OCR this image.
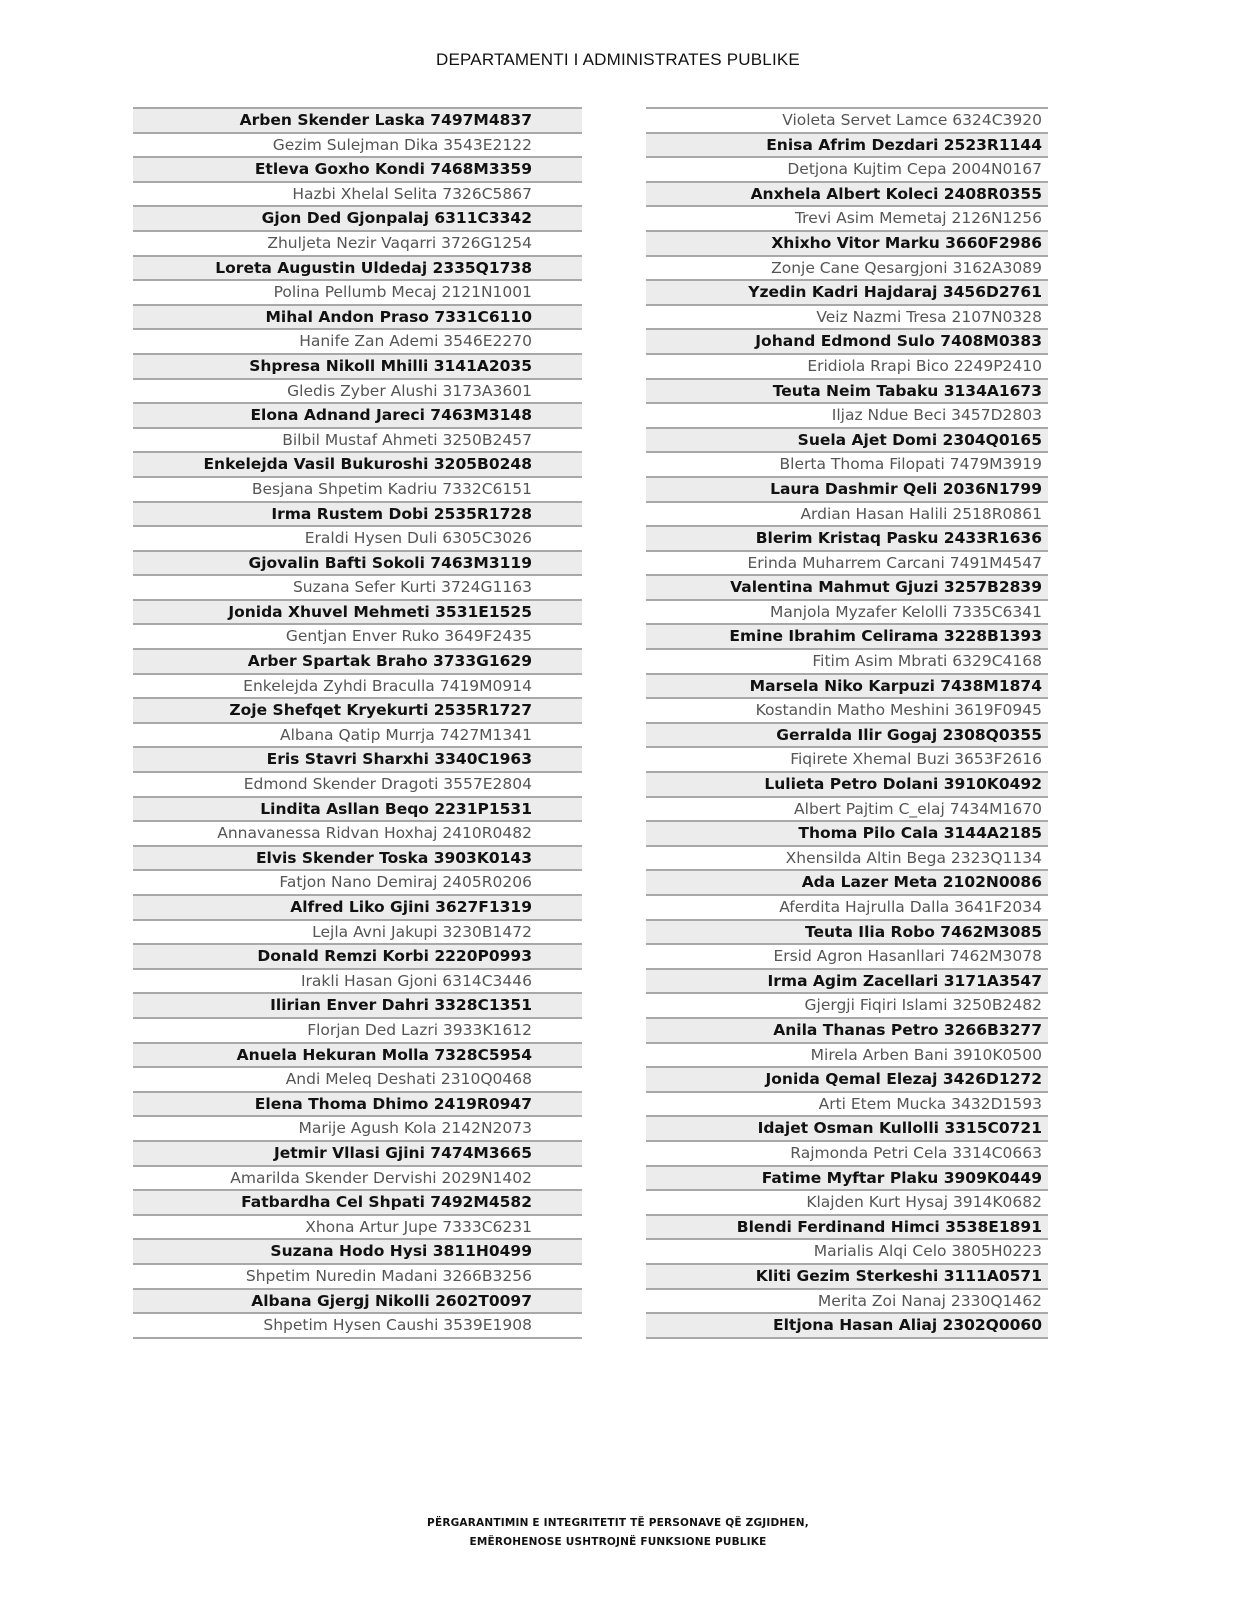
DEPARTAMENTI I ADMINISTRATES PUBLIKE
Arben Skender Laska 7497M4837
Gezim Sulejman Dika 3543E2122
Etleva Goxho Kondi 7468M3359
Hazbi Xhelal Selita 7326C5867
Gjon Ded Gjonpalaj 6311C3342
Zhuljeta Nezir Vaqarri 3726G1254
Loreta Augustin Uldedaj 2335Q1738
Polina Pellumb Mecaj 2121N1001
Mihal Andon Praso 7331C6110
Hanife Zan Ademi 3546E2270
Shpresa Nikoll Mhilli 3141A2035
Gledis Zyber Alushi 3173A3601
Elona Adnand Jareci 7463M3148
Bilbil Mustaf Ahmeti 3250B2457
Enkelejda Vasil Bukuroshi 3205B0248
Besjana Shpetim Kadriu 7332C6151
Irma Rustem Dobi 2535R1728
Eraldi Hysen Duli 6305C3026
Gjovalin Bafti Sokoli 7463M3119
Suzana Sefer Kurti 3724G1163
Jonida Xhuvel Mehmeti 3531E1525
Gentjan Enver Ruko 3649F2435
Arber Spartak Braho 3733G1629
Enkelejda Zyhdi Braculla 7419M0914
Zoje Shefqet Kryekurti 2535R1727
Albana Qatip Murrja 7427M1341
Eris Stavri Sharxhi 3340C1963
Edmond Skender Dragoti 3557E2804
Lindita Asllan Beqo 2231P1531
Annavanessa Ridvan Hoxhaj 2410R0482
Elvis Skender Toska 3903K0143
Fatjon Nano Demiraj 2405R0206
Alfred Liko Gjini 3627F1319
Lejla Avni Jakupi 3230B1472
Donald Remzi Korbi 2220P0993
Irakli Hasan Gjoni 6314C3446
Ilirian Enver Dahri 3328C1351
Florjan Ded Lazri 3933K1612
Anuela Hekuran Molla 7328C5954
Andi Meleq Deshati 2310Q0468
Elena Thoma Dhimo 2419R0947
Marije Agush Kola 2142N2073
Jetmir Vllasi Gjini 7474M3665
Amarilda Skender Dervishi 2029N1402
Fatbardha Cel Shpati 7492M4582
Xhona Artur Jupe 7333C6231
Suzana Hodo Hysi 3811H0499
Shpetim Nuredin Madani 3266B3256
Albana Gjergj Nikolli 2602T0097
Shpetim Hysen Caushi 3539E1908
Violeta Servet Lamce 6324C3920
Enisa Afrim Dezdari 2523R1144
Detjona Kujtim Cepa 2004N0167
Anxhela Albert Koleci 2408R0355
Trevi Asim Memetaj 2126N1256
Xhixho Vitor Marku 3660F2986
Zonje Cane Qesargjoni 3162A3089
Yzedin Kadri Hajdaraj 3456D2761
Veiz Nazmi Tresa 2107N0328
Johand Edmond Sulo 7408M0383
Eridiola Rrapi Bico 2249P2410
Teuta Neim Tabaku 3134A1673
Iljaz Ndue Beci 3457D2803
Suela Ajet Domi 2304Q0165
Blerta Thoma Filopati 7479M3919
Laura Dashmir Qeli 2036N1799
Ardian Hasan Halili 2518R0861
Blerim Kristaq Pasku 2433R1636
Erinda Muharrem Carcani 7491M4547
Valentina Mahmut Gjuzi 3257B2839
Manjola Myzafer Kelolli 7335C6341
Emine Ibrahim Celirama 3228B1393
Fitim Asim Mbrati 6329C4168
Marsela Niko Karpuzi 7438M1874
Kostandin Matho Meshini 3619F0945
Gerralda Ilir Gogaj 2308Q0355
Fiqirete Xhemal Buzi 3653F2616
Lulieta Petro Dolani 3910K0492
Albert Pajtim C_elaj 7434M1670
Thoma Pilo Cala 3144A2185
Xhensilda Altin Bega 2323Q1134
Ada Lazer Meta 2102N0086
Aferdita Hajrulla Dalla 3641F2034
Teuta Ilia Robo 7462M3085
Ersid Agron Hasanllari 7462M3078
Irma Agim Zacellari 3171A3547
Gjergji Fiqiri Islami 3250B2482
Anila Thanas Petro 3266B3277
Mirela Arben Bani 3910K0500
Jonida Qemal Elezaj 3426D1272
Arti Etem Mucka 3432D1593
Idajet Osman Kullolli 3315C0721
Rajmonda Petri Cela 3314C0663
Fatime Myftar Plaku 3909K0449
Klajden Kurt Hysaj 3914K0682
Blendi Ferdinand Himci 3538E1891
Marialis Alqi Celo 3805H0223
Kliti Gezim Sterkeshi 3111A0571
Merita Zoi Nanaj 2330Q1462
Eltjona Hasan Aliaj 2302Q0060
PËRGARANTIMIN E INTEGRITETIT TË PERSONAVE QË ZGJIDHEN,
EMËROHENOSE USHTROJNË FUNKSIONE PUBLIKE
